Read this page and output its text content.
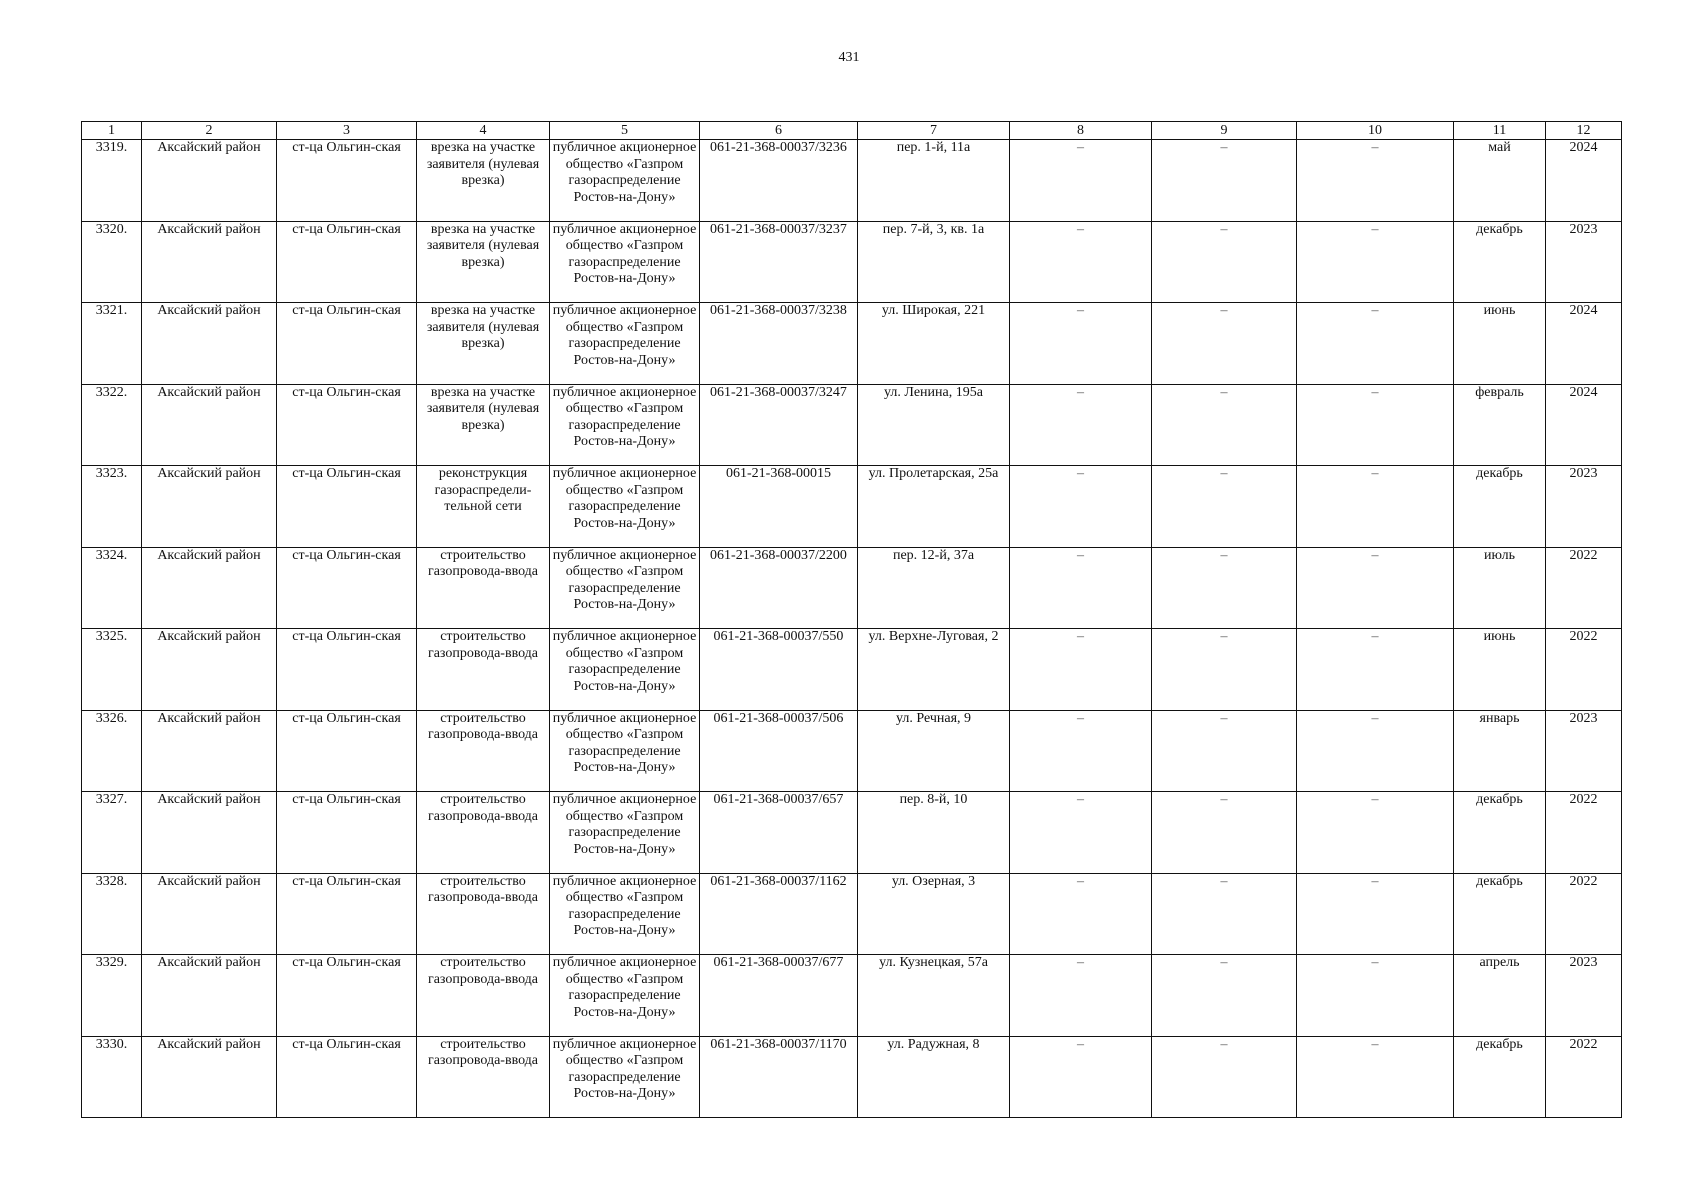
431
1	2	3	4	5	6	7	8	9	10	11	12
3319.	Аксайский район	ст-ца Ольгин-ская	врезка на участке заявителя (нулевая врезка)	публичное акционерное общество «Газпром газораспределение Ростов-на-Дону»	061-21-368-00037/3236	пер. 1-й, 11а	–	–	–	май	2024
3320.	Аксайский район	ст-ца Ольгин-ская	врезка на участке заявителя (нулевая врезка)	публичное акционерное общество «Газпром газораспределение Ростов-на-Дону»	061-21-368-00037/3237	пер. 7-й, 3, кв. 1а	–	–	–	декабрь	2023
3321.	Аксайский район	ст-ца Ольгин-ская	врезка на участке заявителя (нулевая врезка)	публичное акционерное общество «Газпром газораспределение Ростов-на-Дону»	061-21-368-00037/3238	ул. Широкая, 221	–	–	–	июнь	2024
3322.	Аксайский район	ст-ца Ольгин-ская	врезка на участке заявителя (нулевая врезка)	публичное акционерное общество «Газпром газораспределение Ростов-на-Дону»	061-21-368-00037/3247	ул. Ленина, 195а	–	–	–	февраль	2024
3323.	Аксайский район	ст-ца Ольгин-ская	реконструкция газораспредели-тельной сети	публичное акционерное общество «Газпром газораспределение Ростов-на-Дону»	061-21-368-00015	ул. Пролетарская, 25а	–	–	–	декабрь	2023
3324.	Аксайский район	ст-ца Ольгин-ская	строительство газопровода-ввода	публичное акционерное общество «Газпром газораспределение Ростов-на-Дону»	061-21-368-00037/2200	пер. 12-й, 37а	–	–	–	июль	2022
3325.	Аксайский район	ст-ца Ольгин-ская	строительство газопровода-ввода	публичное акционерное общество «Газпром газораспределение Ростов-на-Дону»	061-21-368-00037/550	ул. Верхне-Луговая, 2	–	–	–	июнь	2022
3326.	Аксайский район	ст-ца Ольгин-ская	строительство газопровода-ввода	публичное акционерное общество «Газпром газораспределение Ростов-на-Дону»	061-21-368-00037/506	ул. Речная, 9	–	–	–	январь	2023
3327.	Аксайский район	ст-ца Ольгин-ская	строительство газопровода-ввода	публичное акционерное общество «Газпром газораспределение Ростов-на-Дону»	061-21-368-00037/657	пер. 8-й, 10	–	–	–	декабрь	2022
3328.	Аксайский район	ст-ца Ольгин-ская	строительство газопровода-ввода	публичное акционерное общество «Газпром газораспределение Ростов-на-Дону»	061-21-368-00037/1162	ул. Озерная, 3	–	–	–	декабрь	2022
3329.	Аксайский район	ст-ца Ольгин-ская	строительство газопровода-ввода	публичное акционерное общество «Газпром газораспределение Ростов-на-Дону»	061-21-368-00037/677	ул. Кузнецкая, 57а	–	–	–	апрель	2023
3330.	Аксайский район	ст-ца Ольгин-ская	строительство газопровода-ввода	публичное акционерное общество «Газпром газораспределение Ростов-на-Дону»	061-21-368-00037/1170	ул. Радужная, 8	–	–	–	декабрь	2022
